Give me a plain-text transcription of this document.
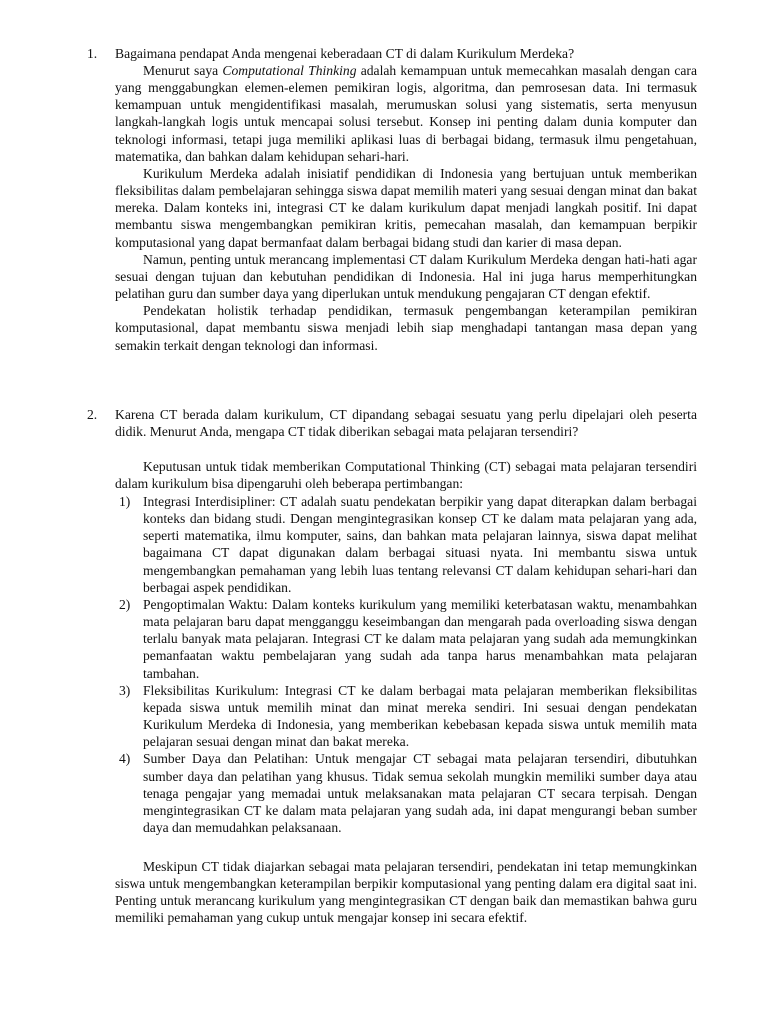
1. Bagaimana pendapat Anda mengenai keberadaan CT di dalam Kurikulum Merdeka?

Menurut saya Computational Thinking adalah kemampuan untuk memecahkan masalah dengan cara yang menggabungkan elemen-elemen pemikiran logis, algoritma, dan pemrosesan data. Ini termasuk kemampuan untuk mengidentifikasi masalah, merumuskan solusi yang sistematis, serta menyusun langkah-langkah logis untuk mencapai solusi tersebut. Konsep ini penting dalam dunia komputer dan teknologi informasi, tetapi juga memiliki aplikasi luas di berbagai bidang, termasuk ilmu pengetahuan, matematika, dan bahkan dalam kehidupan sehari-hari.

Kurikulum Merdeka adalah inisiatif pendidikan di Indonesia yang bertujuan untuk memberikan fleksibilitas dalam pembelajaran sehingga siswa dapat memilih materi yang sesuai dengan minat dan bakat mereka. Dalam konteks ini, integrasi CT ke dalam kurikulum dapat menjadi langkah positif. Ini dapat membantu siswa mengembangkan pemikiran kritis, pemecahan masalah, dan kemampuan berpikir komputasional yang dapat bermanfaat dalam berbagai bidang studi dan karier di masa depan.

Namun, penting untuk merancang implementasi CT dalam Kurikulum Merdeka dengan hati-hati agar sesuai dengan tujuan dan kebutuhan pendidikan di Indonesia. Hal ini juga harus memperhitungkan pelatihan guru dan sumber daya yang diperlukan untuk mendukung pengajaran CT dengan efektif.

Pendekatan holistik terhadap pendidikan, termasuk pengembangan keterampilan pemikiran komputasional, dapat membantu siswa menjadi lebih siap menghadapi tantangan masa depan yang semakin terkait dengan teknologi dan informasi.

2. Karena CT berada dalam kurikulum, CT dipandang sebagai sesuatu yang perlu dipelajari oleh peserta didik. Menurut Anda, mengapa CT tidak diberikan sebagai mata pelajaran tersendiri?

Keputusan untuk tidak memberikan Computational Thinking (CT) sebagai mata pelajaran tersendiri dalam kurikulum bisa dipengaruhi oleh beberapa pertimbangan:

1) Integrasi Interdisipliner: CT adalah suatu pendekatan berpikir yang dapat diterapkan dalam berbagai konteks dan bidang studi. Dengan mengintegrasikan konsep CT ke dalam mata pelajaran yang ada, seperti matematika, ilmu komputer, sains, dan bahkan mata pelajaran lainnya, siswa dapat melihat bagaimana CT dapat digunakan dalam berbagai situasi nyata. Ini membantu siswa untuk mengembangkan pemahaman yang lebih luas tentang relevansi CT dalam kehidupan sehari-hari dan berbagai aspek pendidikan.
2) Pengoptimalan Waktu: Dalam konteks kurikulum yang memiliki keterbatasan waktu, menambahkan mata pelajaran baru dapat mengganggu keseimbangan dan mengarah pada overloading siswa dengan terlalu banyak mata pelajaran. Integrasi CT ke dalam mata pelajaran yang sudah ada memungkinkan pemanfaatan waktu pembelajaran yang sudah ada tanpa harus menambahkan mata pelajaran tambahan.
3) Fleksibilitas Kurikulum: Integrasi CT ke dalam berbagai mata pelajaran memberikan fleksibilitas kepada siswa untuk memilih minat dan minat mereka sendiri. Ini sesuai dengan pendekatan Kurikulum Merdeka di Indonesia, yang memberikan kebebasan kepada siswa untuk memilih mata pelajaran sesuai dengan minat dan bakat mereka.
4) Sumber Daya dan Pelatihan: Untuk mengajar CT sebagai mata pelajaran tersendiri, dibutuhkan sumber daya dan pelatihan yang khusus. Tidak semua sekolah mungkin memiliki sumber daya atau tenaga pengajar yang memadai untuk melaksanakan mata pelajaran CT secara terpisah. Dengan mengintegrasikan CT ke dalam mata pelajaran yang sudah ada, ini dapat mengurangi beban sumber daya dan memudahkan pelaksanaan.

Meskipun CT tidak diajarkan sebagai mata pelajaran tersendiri, pendekatan ini tetap memungkinkan siswa untuk mengembangkan keterampilan berpikir komputasional yang penting dalam era digital saat ini. Penting untuk merancang kurikulum yang mengintegrasikan CT dengan baik dan memastikan bahwa guru memiliki pemahaman yang cukup untuk mengajar konsep ini secara efektif.
